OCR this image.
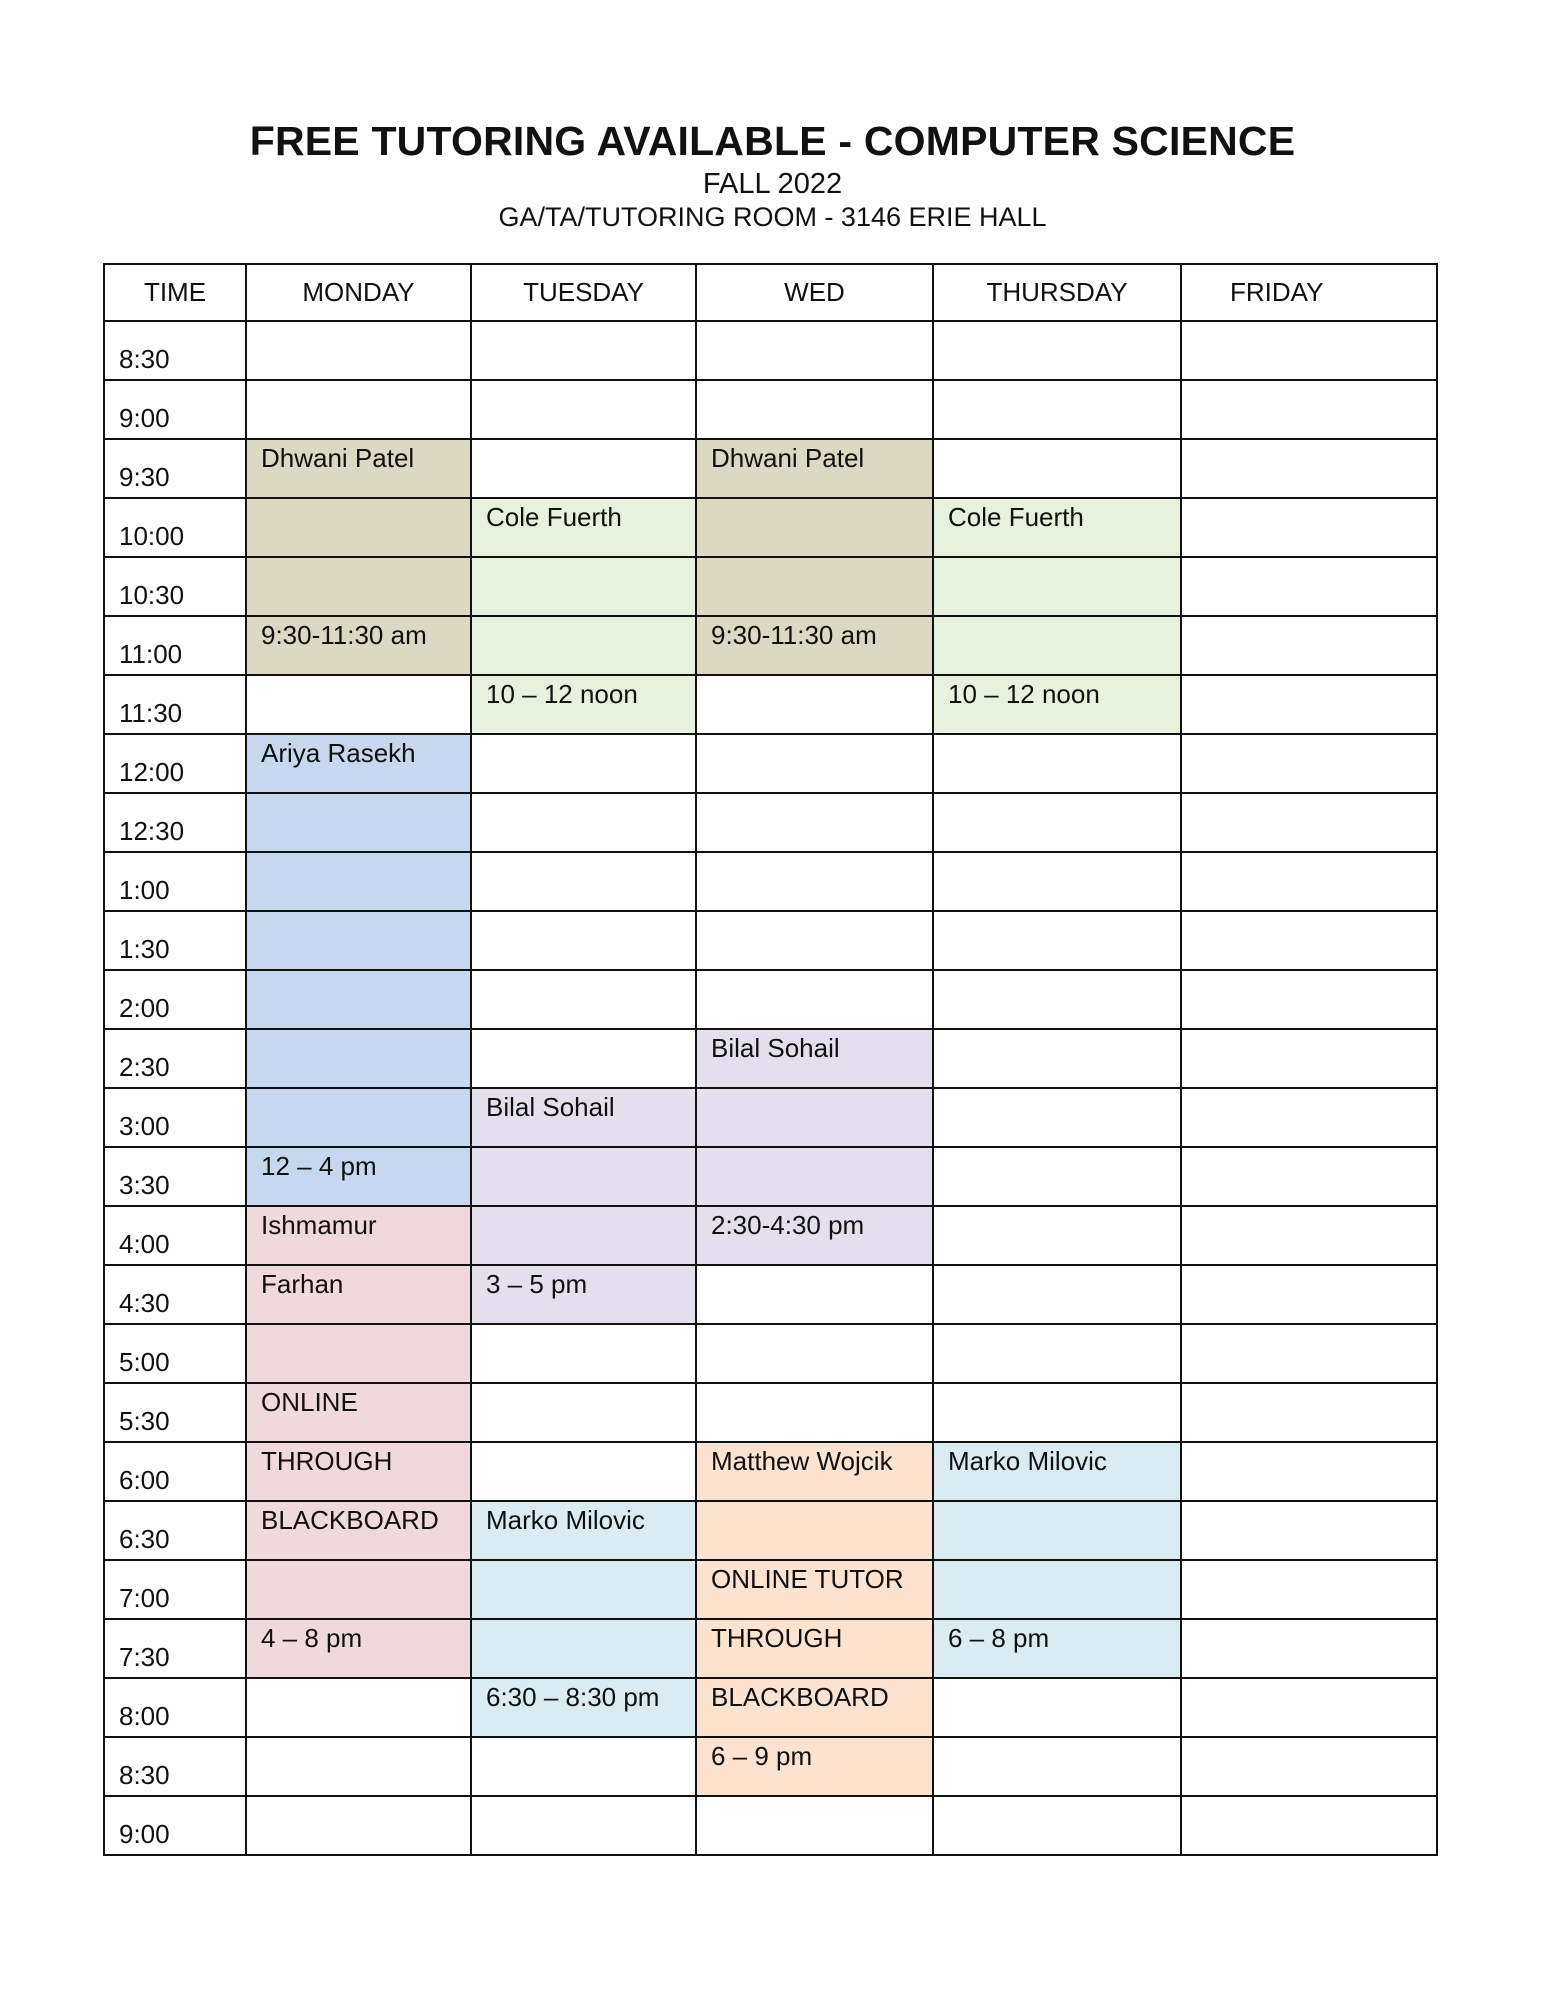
FREE TUTORING AVAILABLE - COMPUTER SCIENCE
FALL 2022
GA/TA/TUTORING ROOM - 3146 ERIE HALL
TIME	MONDAY	TUESDAY	WED	THURSDAY	FRIDAY
8:30	

9:00	

9:30	Dhwani Patel		Dhwani Patel		

10:00		Cole Fuerth		Cole Fuerth	

10:30	

11:00	9:30-11:30 am		9:30-11:30 am		

11:30		10 – 12 noon		10 – 12 noon	

12:00	Ariya Rasekh				

12:30	

1:00	

1:30	

2:00	

2:30			Bilal Sohail		

3:00		Bilal Sohail			

3:30	12 – 4 pm				

4:00	Ishmamur		2:30-4:30 pm		

4:30	Farhan	3 – 5 pm			

5:00	

5:30	ONLINE				

6:00	THROUGH		Matthew Wojcik	Marko Milovic	

6:30	BLACKBOARD	Marko Milovic			

7:00			ONLINE TUTOR		

7:30	4 – 8 pm		THROUGH	6 – 8 pm	

8:00		6:30 – 8:30 pm	BLACKBOARD		

8:30			6 – 9 pm		

9:00	
